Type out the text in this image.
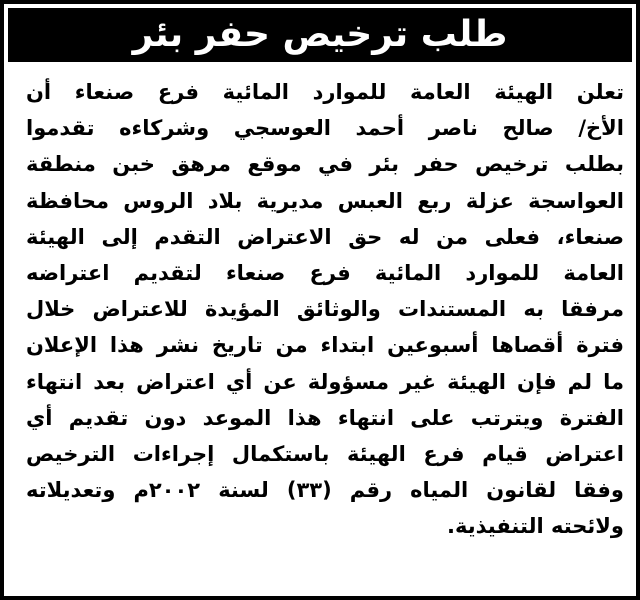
طلب ترخيص حفر بئر
تعلن الهيئة العامة للموارد المائية فرع صنعاء أن
الأخ/ صالح ناصر أحمد العوسجي وشركاءه تقدموا
بطلب ترخيص حفر بئر في موقع مرهق خبن منطقة
العواسجة عزلة ربع العبس مديرية بلاد الروس محافظة
صنعاء، فعلى من له حق الاعتراض التقدم إلى الهيئة
العامة للموارد المائية فرع صنعاء لتقديم اعتراضه
مرفقا به المستندات والوثائق المؤيدة للاعتراض خلال
فترة أقصاها أسبوعين ابتداء من تاريخ نشر هذا الإعلان
ما لم فإن الهيئة غير مسؤولة عن أي اعتراض بعد انتهاء
الفترة ويترتب على انتهاء هذا الموعد دون تقديم أي
اعتراض قيام فرع الهيئة باستكمال إجراءات الترخيص
وفقا لقانون المياه رقم (٣٣) لسنة ٢٠٠٢م وتعديلاته
ولائحته التنفيذية.
